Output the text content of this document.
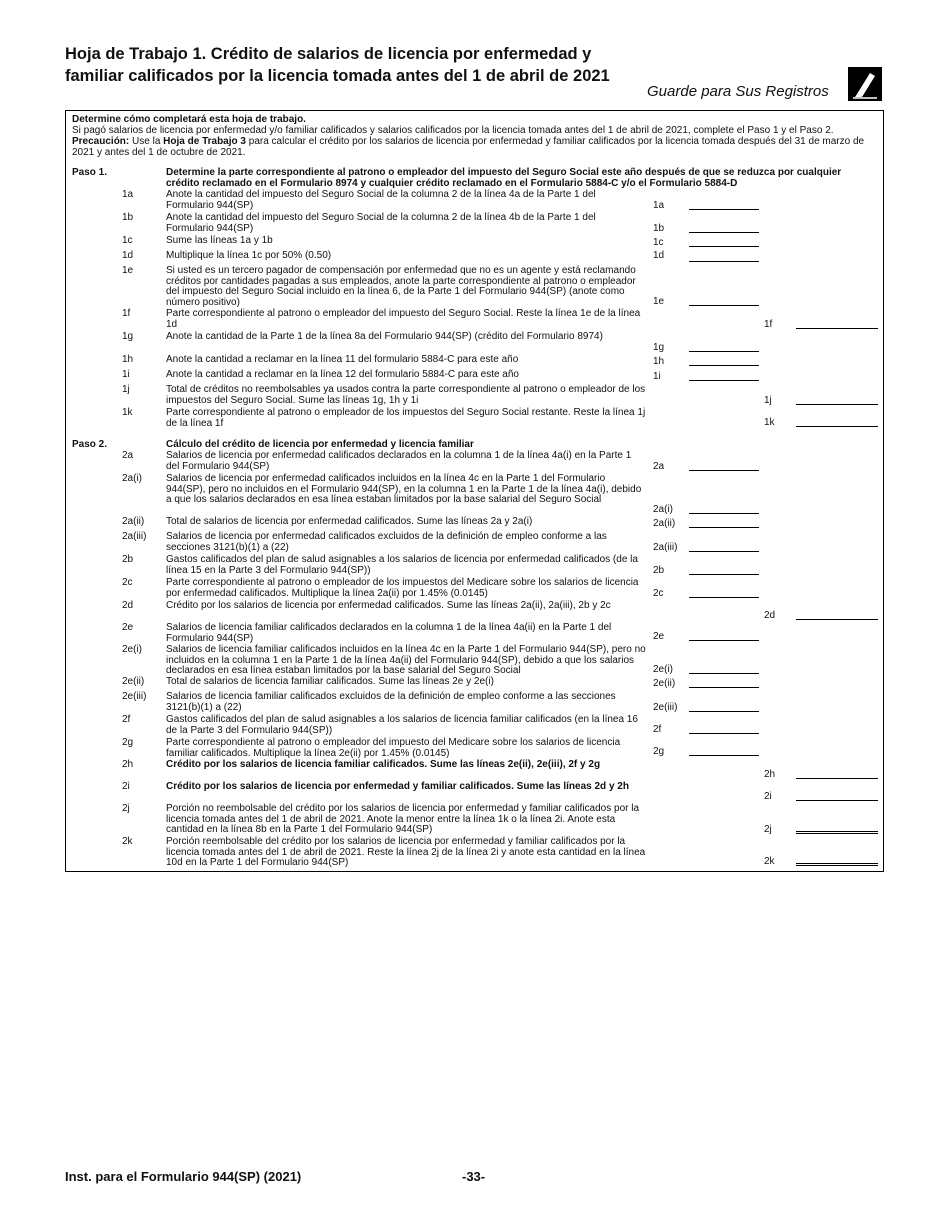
Hoja de Trabajo 1. Crédito de salarios de licencia por enfermedad y familiar calificados por la licencia tomada antes del 1 de abril de 2021
Guarde para Sus Registros
Determine cómo completará esta hoja de trabajo.
Si pagó salarios de licencia por enfermedad y/o familiar calificados y salarios calificados por la licencia tomada antes del 1 de abril de 2021, complete el Paso 1 y el Paso 2. Precaución: Use la Hoja de Trabajo 3 para calcular el crédito por los salarios de licencia por enfermedad y familiar calificados por la licencia tomada después del 31 de marzo de 2021 y antes del 1 de octubre de 2021.
Paso 1.	Determine la parte correspondiente al patrono o empleador del impuesto del Seguro Social este año después de que se reduzca por cualquier crédito reclamado en el Formulario 8974 y cualquier crédito reclamado en el Formulario 5884-C y/o el Formulario 5884-D
1a	Anote la cantidad del impuesto del Seguro Social de la columna 2 de la línea 4a de la Parte 1 del Formulario 944(SP)	1a
1b	Anote la cantidad del impuesto del Seguro Social de la columna 2 de la línea 4b de la Parte 1 del Formulario 944(SP)	1b
1c	Sume las líneas 1a y 1b	1c
1d	Multiplique la línea 1c por 50% (0.50)	1d
1e	Si usted es un tercero pagador de compensación por enfermedad que no es un agente y está reclamando créditos por cantidades pagadas a sus empleados, anote la parte correspondiente al patrono o empleador del impuesto del Seguro Social incluido en la línea 6, de la Parte 1 del Formulario 944(SP) (anote como número positivo)	1e
1f	Parte correspondiente al patrono o empleador del impuesto del Seguro Social. Reste la línea 1e de la línea 1d	1f
1g	Anote la cantidad de la Parte 1 de la línea 8a del Formulario 944(SP) (crédito del Formulario 8974)
1g
1h	Anote la cantidad a reclamar en la línea 11 del formulario 5884-C para este año	1h
1i	Anote la cantidad a reclamar en la línea 12 del formulario 5884-C para este año	1i
1j	Total de créditos no reembolsables ya usados contra la parte correspondiente al patrono o empleador de los impuestos del Seguro Social. Sume las líneas 1g, 1h y 1i	1j
1k	Parte correspondiente al patrono o empleador de los impuestos del Seguro Social restante. Reste la línea 1j de la línea 1f	1k
Paso 2.	Cálculo del crédito de licencia por enfermedad y licencia familiar
2a	Salarios de licencia por enfermedad calificados declarados en la columna 1 de la línea 4a(i) en la Parte 1 del Formulario 944(SP)	2a
2a(i) Salarios de licencia por enfermedad calificados incluidos en la línea 4c en la Parte 1 del Formulario 944(SP), pero no incluidos en el Formulario 944(SP), en la columna 1 en la Parte 1 de la línea 4a(i), debido a que los salarios declarados en esa línea estaban limitados por la base salarial del Seguro Social
2a(i)
2a(ii) Total de salarios de licencia por enfermedad calificados. Sume las líneas 2a y 2a(i)	2a(ii)
2a(iii) Salarios de licencia por enfermedad calificados excluidos de la definición de empleo conforme a las secciones 3121(b)(1) a (22)	2a(iii)
2b	Gastos calificados del plan de salud asignables a los salarios de licencia por enfermedad calificados (de la línea 15 en la Parte 3 del Formulario 944(SP))	2b
2c	Parte correspondiente al patrono o empleador de los impuestos del Medicare sobre los salarios de licencia por enfermedad calificados. Multiplique la línea 2a(ii) por 1.45% (0.0145)	2c
2d	Crédito por los salarios de licencia por enfermedad calificados. Sume las líneas 2a(ii), 2a(iii), 2b y 2c
2d
2e	Salarios de licencia familiar calificados declarados en la columna 1 de la línea 4a(ii) en la Parte 1 del Formulario 944(SP)	2e
2e(i) Salarios de licencia familiar calificados incluidos en la línea 4c en la Parte 1 del Formulario 944(SP), pero no incluidos en la columna 1 en la Parte 1 de la línea 4a(ii) del Formulario 944(SP), debido a que los salarios declarados en esa línea estaban limitados por la base salarial del Seguro Social	2e(i)
2e(ii) Total de salarios de licencia familiar calificados. Sume las líneas 2e y 2e(i)	2e(ii)
2e(iii) Salarios de licencia familiar calificados excluidos de la definición de empleo conforme a las secciones 3121(b)(1) a (22)	2e(iii)
2f	Gastos calificados del plan de salud asignables a los salarios de licencia familiar calificados (en la línea 16 de la Parte 3 del Formulario 944(SP))	2f
2g	Parte correspondiente al patrono o empleador del impuesto del Medicare sobre los salarios de licencia familiar calificados. Multiplique la línea 2e(ii) por 1.45% (0.0145)	2g
2h	Crédito por los salarios de licencia familiar calificados. Sume las líneas 2e(ii), 2e(iii), 2f y 2g
2h
2i	Crédito por los salarios de licencia por enfermedad y familiar calificados. Sume las líneas 2d y 2h
2i
2j	Porción no reembolsable del crédito por los salarios de licencia por enfermedad y familiar calificados por la licencia tomada antes del 1 de abril de 2021. Anote la menor entre la línea 1k o la línea 2i. Anote esta cantidad en la línea 8b en la Parte 1 del Formulario 944(SP)	2j
2k	Porción reembolsable del crédito por los salarios de licencia por enfermedad y familiar calificados por la licencia tomada antes del 1 de abril de 2021. Reste la línea 2j de la línea 2i y anote esta cantidad en la línea 10d en la Parte 1 del Formulario 944(SP)	2k
Inst. para el Formulario 944(SP) (2021)	-33-
